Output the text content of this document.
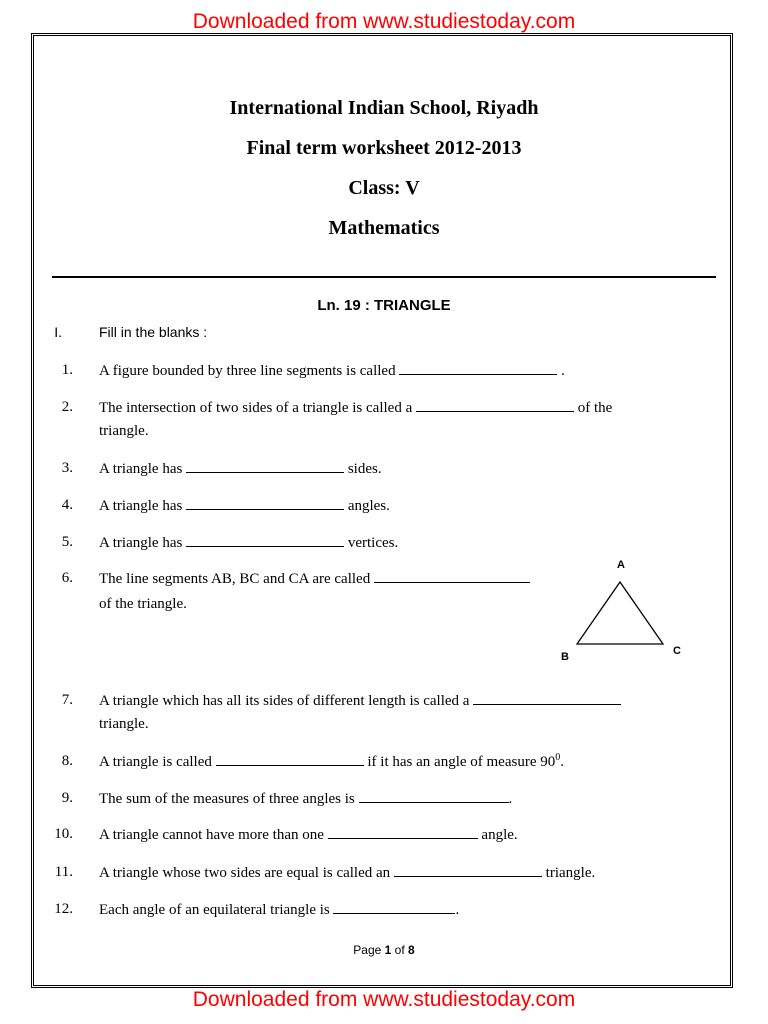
Downloaded from www.studiestoday.com
International Indian School, Riyadh
Final term worksheet 2012-2013
Class: V
Mathematics
Ln. 19 : TRIANGLE
I.	Fill in the blanks :
1. A figure bounded by three line segments is called	.
2. The intersection of two sides of a triangle is called a	of the
triangle.
3. A triangle has	sides.
4. A triangle has	angles.
5. A triangle has	vertices.
6. The line segments AB, BC and CA are called
of the triangle.
A
B	C
7. A triangle which has all its sides of different length is called a
triangle.
8. A triangle is called	if it has an angle of measure $90^0$.
9. The sum of the measures of three angles is	.
10. A triangle cannot have more than one	angle.
11. A triangle whose two sides are equal is called an	triangle.
12. Each angle of an equilateral triangle is	.
Page 1 of 8
Downloaded from www.studiestoday.com
